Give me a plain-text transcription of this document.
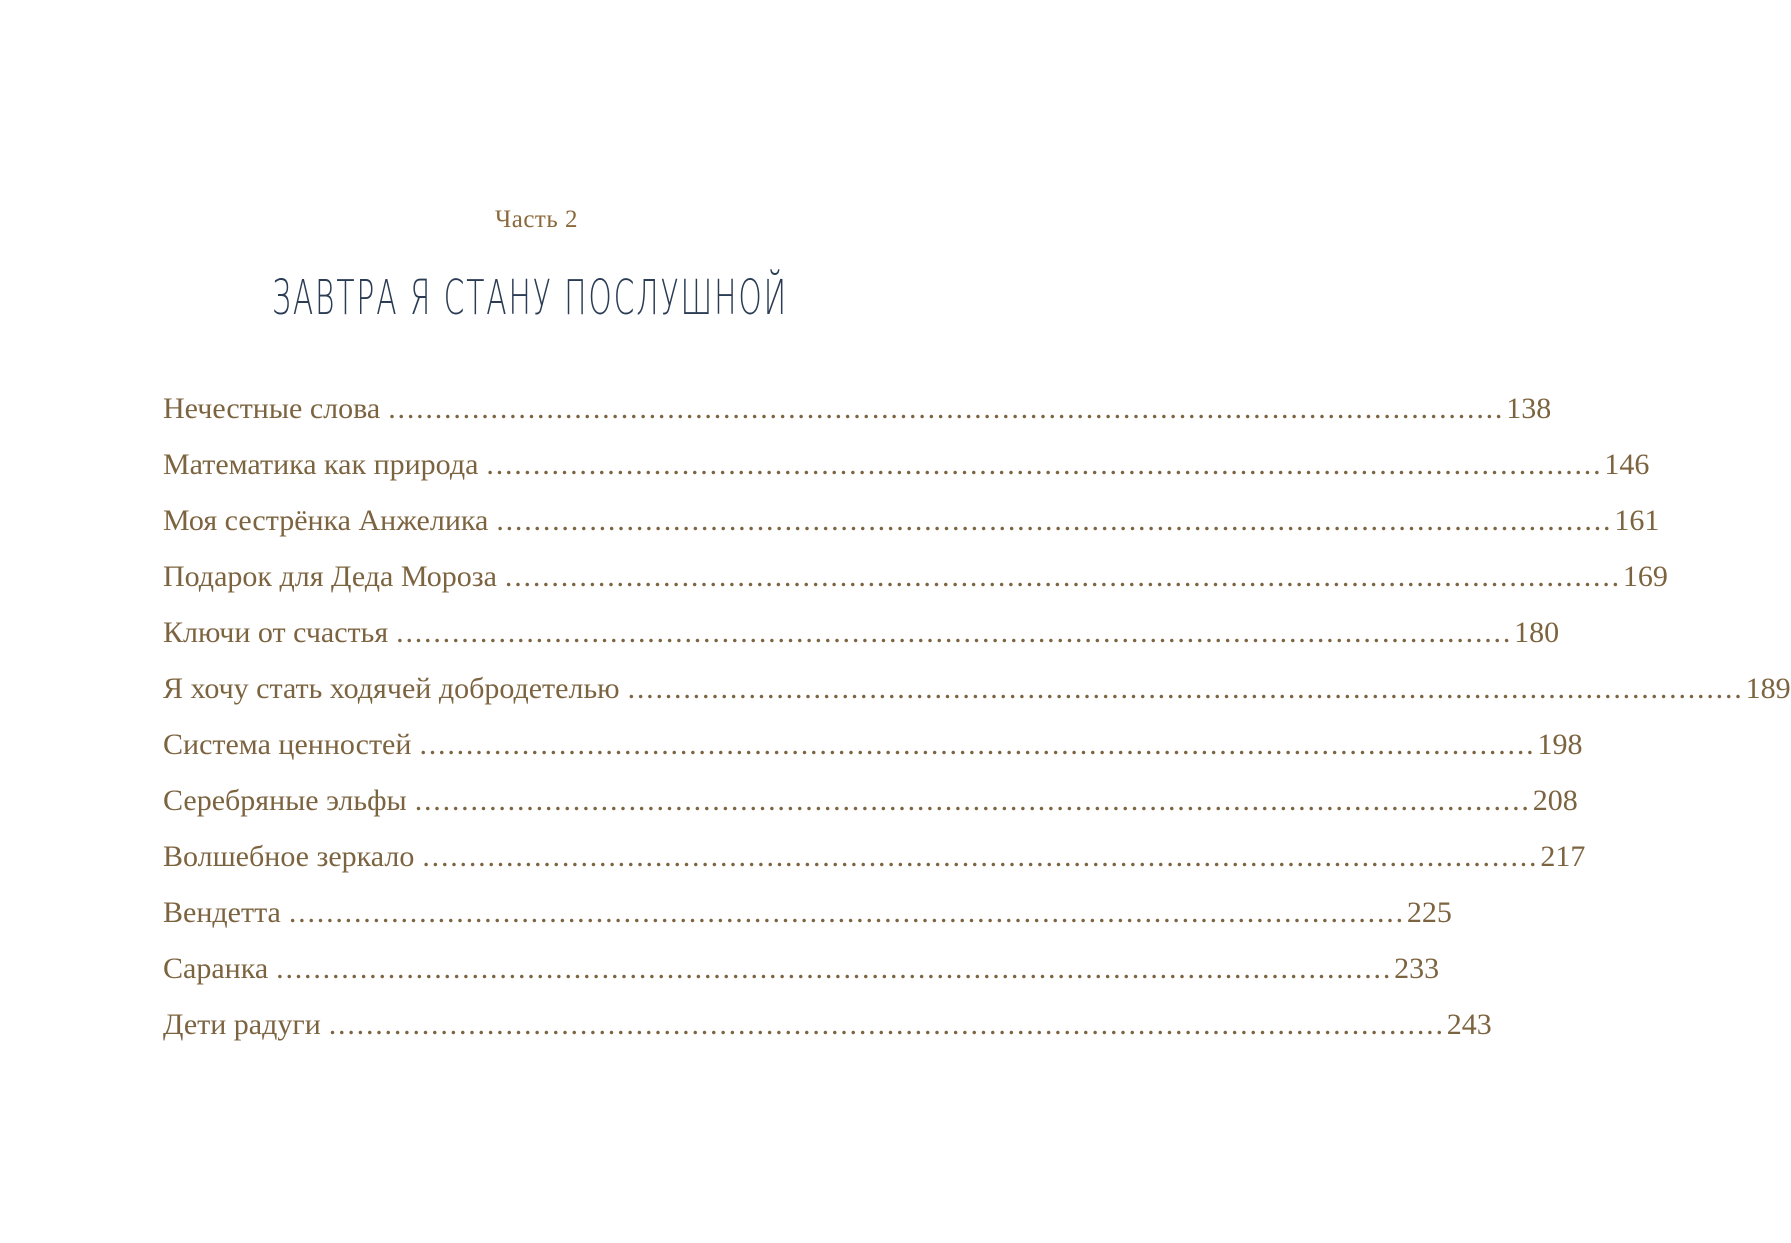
Часть 2
ЗАВТРА Я СТАНУ ПОСЛУШНОЙ
Нечестные слова ........................................................................................................................ 138
Математика как природа ........................................................................................................................ 146
Моя сестрёнка Анжелика ........................................................................................................................ 161
Подарок для Деда Мороза ........................................................................................................................ 169
Ключи от счастья ........................................................................................................................ 180
Я хочу стать ходячей добродетелью ........................................................................................................................ 189
Система ценностей ........................................................................................................................ 198
Серебряные эльфы ........................................................................................................................ 208
Волшебное зеркало ........................................................................................................................ 217
Вендетта ........................................................................................................................ 225
Саранка ........................................................................................................................ 233
Дети радуги ........................................................................................................................ 243
